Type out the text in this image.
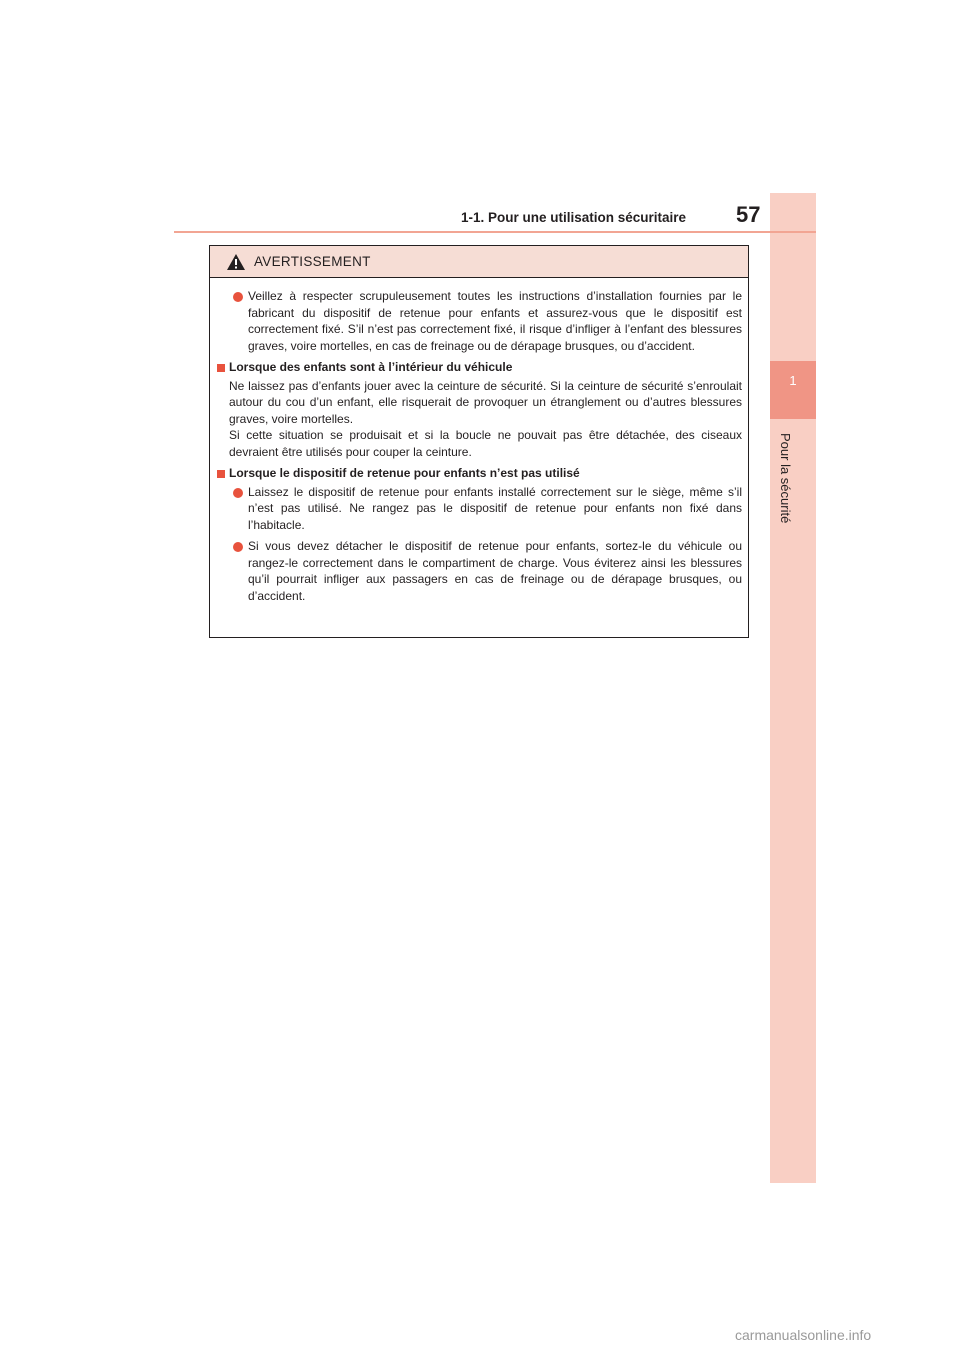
1
Pour la sécurité
1-1. Pour une utilisation sécuritaire 57
AVERTISSEMENT
Veillez à respecter scrupuleusement toutes les instructions d’installation fournies par le fabricant du dispositif de retenue pour enfants et assurez-vous que le dispositif est correctement fixé. S’il n’est pas correctement fixé, il risque d’infliger à l’enfant des blessures graves, voire mortelles, en cas de freinage ou de dérapage brusques, ou d’accident.
Lorsque des enfants sont à l’intérieur du véhicule

Ne laissez pas d’enfants jouer avec la ceinture de sécurité. Si la ceinture de sécurité s’enroulait autour du cou d’un enfant, elle risquerait de provoquer un étranglement ou d’autres blessures graves, voire mortelles.

Si cette situation se produisait et si la boucle ne pouvait pas être détachée, des ciseaux devraient être utilisés pour couper la ceinture.

Lorsque le dispositif de retenue pour enfants n’est pas utilisé
Laissez le dispositif de retenue pour enfants installé correctement sur le siège, même s’il n’est pas utilisé. Ne rangez pas le dispositif de retenue pour enfants non fixé dans l’habitacle.
Si vous devez détacher le dispositif de retenue pour enfants, sortez-le du véhicule ou rangez-le correctement dans le compartiment de charge. Vous éviterez ainsi les blessures qu’il pourrait infliger aux passagers en cas de freinage ou de dérapage brusques, ou d’accident.
carmanualsonline.info
